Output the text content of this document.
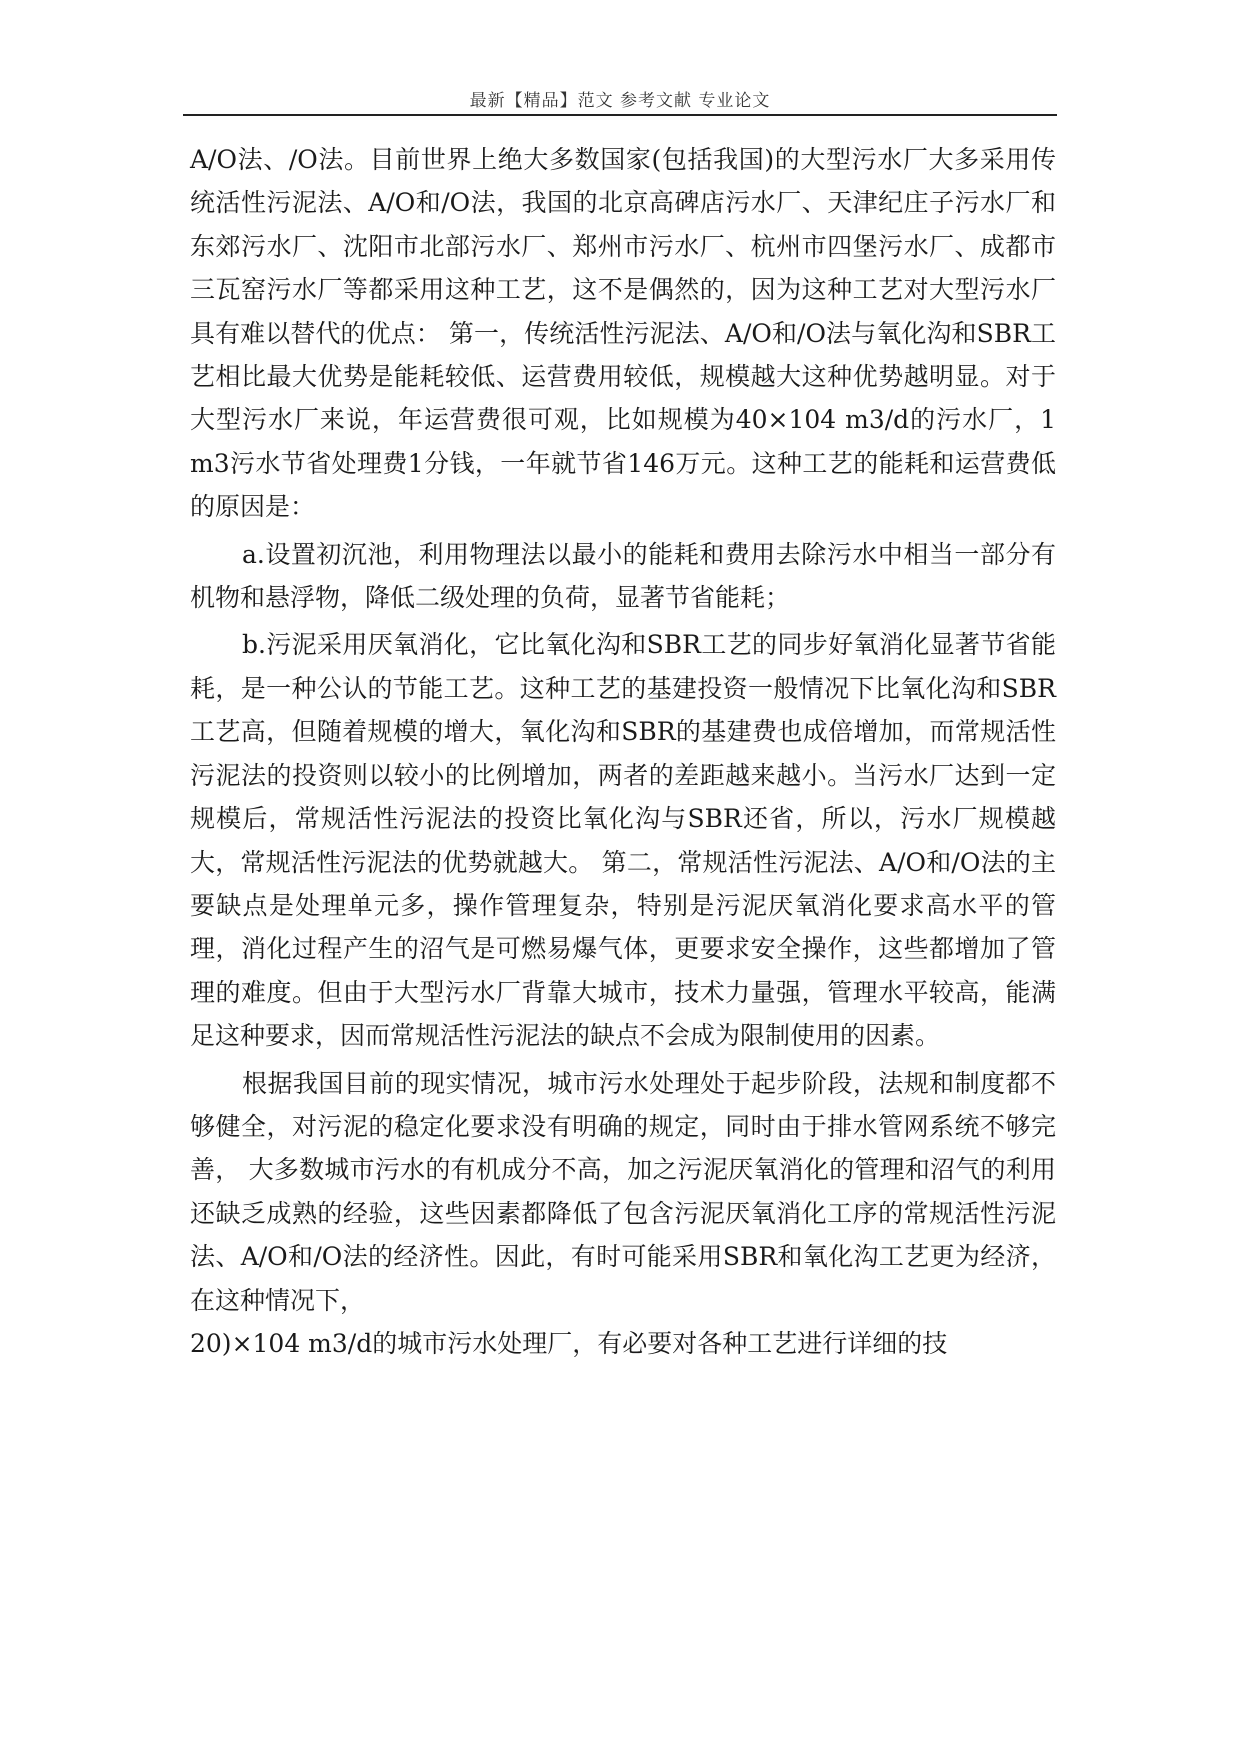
最新【精品】范文 参考文献 专业论文

A/O法、/O法。目前世界上绝大多数国家(包括我国)的大型污水厂大多采用传统活性污泥法、A/O和/O法，我国的北京高碑店污水厂、天津纪庄子污水厂和东郊污水厂、沈阳市北部污水厂、郑州市污水厂、杭州市四堡污水厂、成都市三瓦窑污水厂等都采用这种工艺，这不是偶然的，因为这种工艺对大型污水厂具有难以替代的优点： 第一，传统活性污泥法、A/O和/O法与氧化沟和SBR工艺相比最大优势是能耗较低、运营费用较低，规模越大这种优势越明显。对于大型污水厂来说，年运营费很可观，比如规模为40×104 m3/d的污水厂，1 m3污水节省处理费1分钱，一年就节省146万元。这种工艺的能耗和运营费低的原因是：

a.设置初沉池，利用物理法以最小的能耗和费用去除污水中相当一部分有机物和悬浮物，降低二级处理的负荷，显著节省能耗；

b.污泥采用厌氧消化，它比氧化沟和SBR工艺的同步好氧消化显著节省能耗，是一种公认的节能工艺。这种工艺的基建投资一般情况下比氧化沟和SBR工艺高，但随着规模的增大，氧化沟和SBR的基建费也成倍增加，而常规活性污泥法的投资则以较小的比例增加，两者的差距越来越小。当污水厂达到一定规模后，常规活性污泥法的投资比氧化沟与SBR还省，所以，污水厂规模越大，常规活性污泥法的优势就越大。 第二，常规活性污泥法、A/O和/O法的主要缺点是处理单元多，操作管理复杂，特别是污泥厌氧消化要求高水平的管理，消化过程产生的沼气是可燃易爆气体，更要求安全操作，这些都增加了管理的难度。但由于大型污水厂背靠大城市，技术力量强，管理水平较高，能满足这种要求，因而常规活性污泥法的缺点不会成为限制使用的因素。

根据我国目前的现实情况，城市污水处理处于起步阶段，法规和制度都不够健全，对污泥的稳定化要求没有明确的规定，同时由于排水管网系统不够完善， 大多数城市污水的有机成分不高，加之污泥厌氧消化的管理和沼气的利用还缺乏成熟的经验，这些因素都降低了包含污泥厌氧消化工序的常规活性污泥法、A/O和/O法的经济性。因此，有时可能采用SBR和氧化沟工艺更为经济，在这种情况下，

20)×104 m3/d的城市污水处理厂，有必要对各种工艺进行详细的技
